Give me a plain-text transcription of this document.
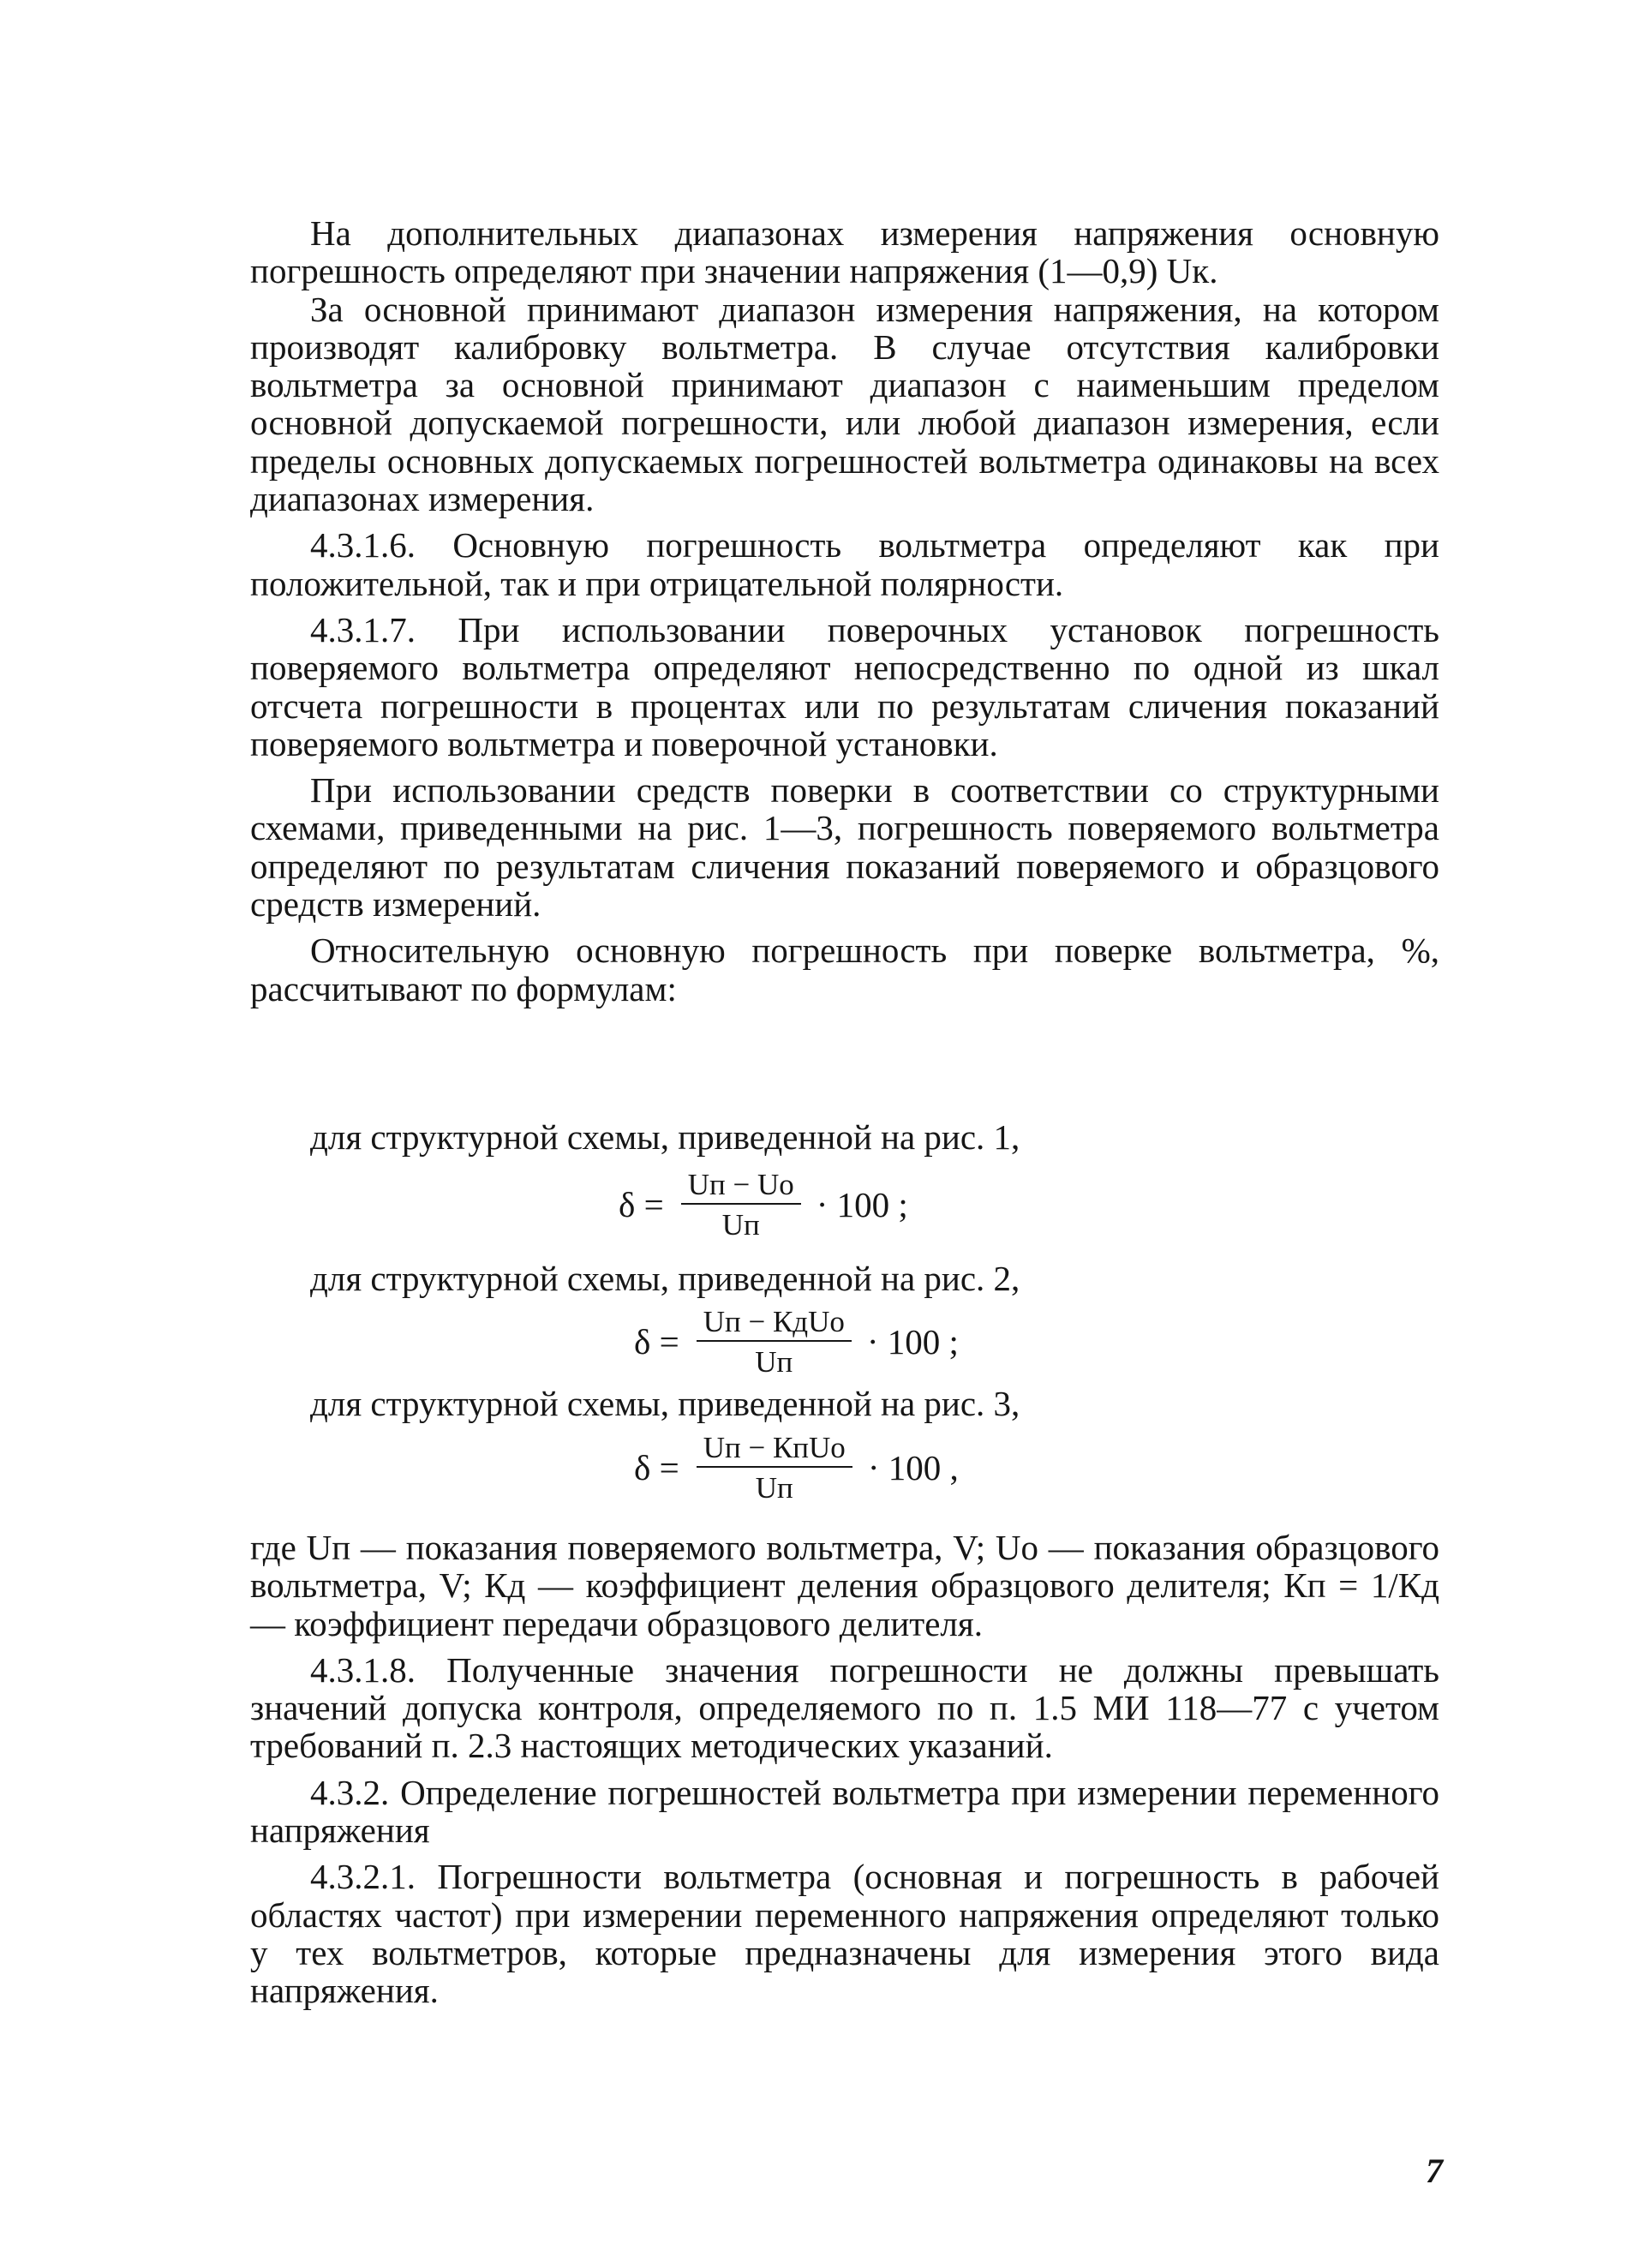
На дополнительных диапазонах измерения напряжения основную погрешность определяют при значении напряжения (1—0,9) Uк.

За основной принимают диапазон измерения напряжения, на котором производят калибровку вольтметра. В случае отсутствия калибровки вольтметра за основной принимают диапазон с наименьшим пределом основной допускаемой погрешности, или любой диапазон измерения, если пределы основных допускаемых погрешностей вольтметра одинаковы на всех диапазонах измерения.

4.3.1.6. Основную погрешность вольтметра определяют как при положительной, так и при отрицательной полярности.

4.3.1.7. При использовании поверочных установок погрешность поверяемого вольтметра определяют непосредственно по одной из шкал отсчета погрешности в процентах или по результатам сличения показаний поверяемого вольтметра и поверочной установки.

При использовании средств поверки в соответствии со структурными схемами, приведенными на рис. 1—3, погрешность поверяемого вольтметра определяют по результатам сличения показаний поверяемого и образцового средств измерений.

Относительную основную погрешность при поверке вольтметра, %, рассчитывают по формулам:

для структурной схемы, приведенной на рис. 1,
$\delta = \frac{Uп - Uо}{Uп} \cdot 100$ ;
для структурной схемы, приведенной на рис. 2,
$\delta = \frac{\text{Uп − КдUо}}{Uп} \cdot 100$ ;
для структурной схемы, приведенной на рис. 3,
$\delta = \frac{\text{Uп − КпUо}}{Uп} \cdot 100$ ,

где Uп — показания поверяемого вольтметра, V; Uо — показания образцового вольтметра, V; Кд — коэффициент деления образцового делителя; Кп = 1/Кд — коэффициент передачи образцового делителя.

4.3.1.8. Полученные значения погрешности не должны превышать значений допуска контроля, определяемого по п. 1.5 МИ 118—77 с учетом требований п. 2.3 настоящих методических указаний.

4.3.2. Определение погрешностей вольтметра при измерении переменного напряжения

4.3.2.1. Погрешности вольтметра (основная и погрешность в рабочей областях частот) при измерении переменного напряжения определяют только у тех вольтметров, которые предназначены для измерения этого вида напряжения.

7
